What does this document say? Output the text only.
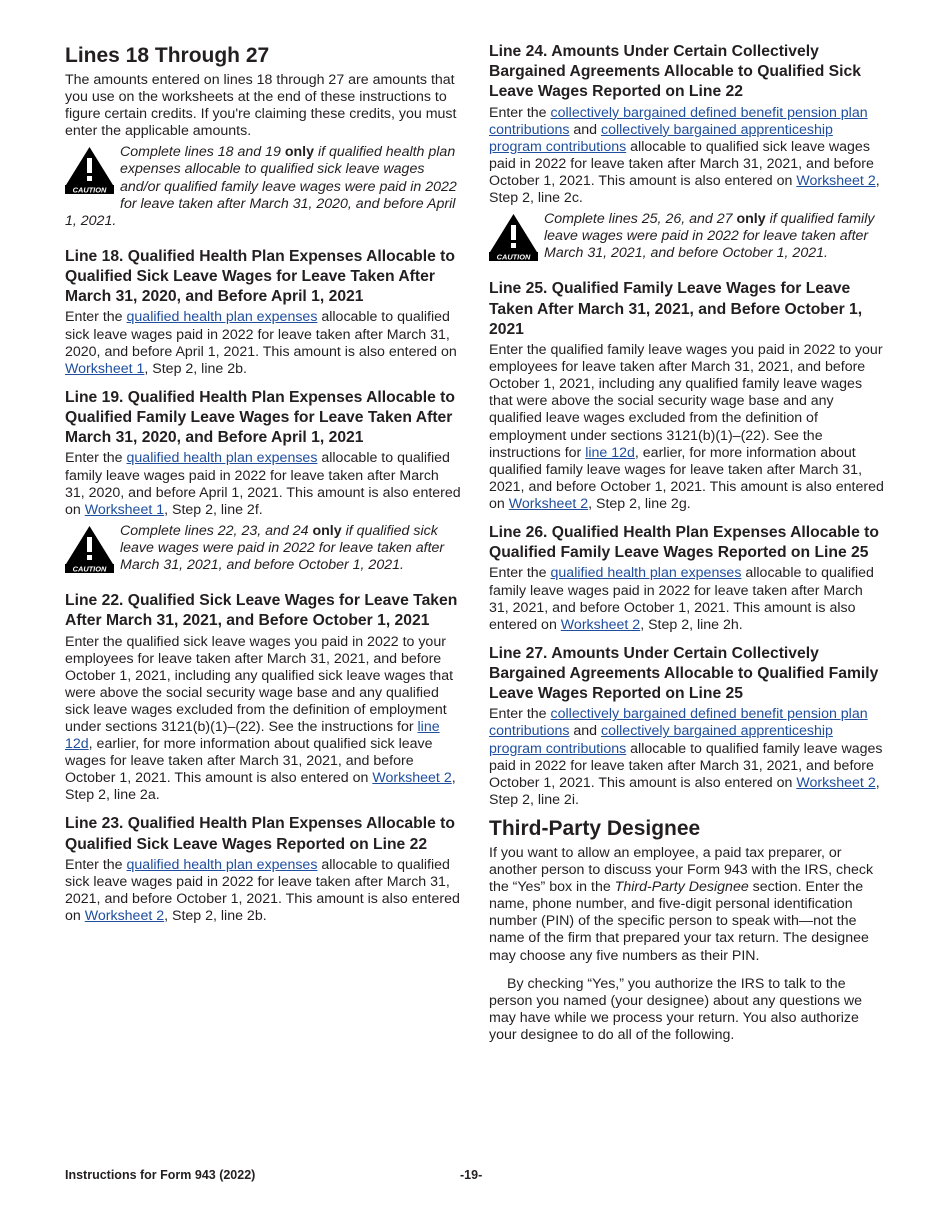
Lines 18 Through 27

The amounts entered on lines 18 through 27 are amounts that you use on the worksheets at the end of these instructions to figure certain credits. If you're claiming these credits, you must enter the applicable amounts.

CAUTION

Complete lines 18 and 19 only if qualified health plan expenses allocable to qualified sick leave wages and/or qualified family leave wages were paid in 2022 for leave taken after March 31, 2020, and before April 1, 2021.

Line 18. Qualified Health Plan Expenses Allocable to Qualified Sick Leave Wages for Leave Taken After March 31, 2020, and Before April 1, 2021

Enter the qualified health plan expenses allocable to qualified sick leave wages paid in 2022 for leave taken after March 31, 2020, and before April 1, 2021. This amount is also entered on Worksheet 1, Step 2, line 2b.

Line 19. Qualified Health Plan Expenses Allocable to Qualified Family Leave Wages for Leave Taken After March 31, 2020, and Before April 1, 2021

Enter the qualified health plan expenses allocable to qualified family leave wages paid in 2022 for leave taken after March 31, 2020, and before April 1, 2021. This amount is also entered on Worksheet 1, Step 2, line 2f.

CAUTION

Complete lines 22, 23, and 24 only if qualified sick leave wages were paid in 2022 for leave taken after March 31, 2021, and before October 1, 2021.

Line 22. Qualified Sick Leave Wages for Leave Taken After March 31, 2021, and Before October 1, 2021

Enter the qualified sick leave wages you paid in 2022 to your employees for leave taken after March 31, 2021, and before October 1, 2021, including any qualified sick leave wages that were above the social security wage base and any qualified sick leave wages excluded from the definition of employment under sections 3121(b)(1)–(22). See the instructions for line 12d, earlier, for more information about qualified sick leave wages for leave taken after March 31, 2021, and before October 1, 2021. This amount is also entered on Worksheet 2, Step 2, line 2a.

Line 23. Qualified Health Plan Expenses Allocable to Qualified Sick Leave Wages Reported on Line 22

Enter the qualified health plan expenses allocable to qualified sick leave wages paid in 2022 for leave taken after March 31, 2021, and before October 1, 2021. This amount is also entered on Worksheet 2, Step 2, line 2b.

Line 24. Amounts Under Certain Collectively Bargained Agreements Allocable to Qualified Sick Leave Wages Reported on Line 22

Enter the collectively bargained defined benefit pension plan contributions and collectively bargained apprenticeship program contributions allocable to qualified sick leave wages paid in 2022 for leave taken after March 31, 2021, and before October 1, 2021. This amount is also entered on Worksheet 2, Step 2, line 2c.

CAUTION

Complete lines 25, 26, and 27 only if qualified family leave wages were paid in 2022 for leave taken after March 31, 2021, and before October 1, 2021.

Line 25. Qualified Family Leave Wages for Leave Taken After March 31, 2021, and Before October 1, 2021

Enter the qualified family leave wages you paid in 2022 to your employees for leave taken after March 31, 2021, and before October 1, 2021, including any qualified family leave wages that were above the social security wage base and any qualified leave wages excluded from the definition of employment under sections 3121(b)(1)–(22). See the instructions for line 12d, earlier, for more information about qualified family leave wages for leave taken after March 31, 2021, and before October 1, 2021. This amount is also entered on Worksheet 2, Step 2, line 2g.

Line 26. Qualified Health Plan Expenses Allocable to Qualified Family Leave Wages Reported on Line 25

Enter the qualified health plan expenses allocable to qualified family leave wages paid in 2022 for leave taken after March 31, 2021, and before October 1, 2021. This amount is also entered on Worksheet 2, Step 2, line 2h.

Line 27. Amounts Under Certain Collectively Bargained Agreements Allocable to Qualified Family Leave Wages Reported on Line 25

Enter the collectively bargained defined benefit pension plan contributions and collectively bargained apprenticeship program contributions allocable to qualified family leave wages paid in 2022 for leave taken after March 31, 2021, and before October 1, 2021. This amount is also entered on Worksheet 2, Step 2, line 2i.

Third-Party Designee

If you want to allow an employee, a paid tax preparer, or another person to discuss your Form 943 with the IRS, check the “Yes” box in the Third-Party Designee section. Enter the name, phone number, and five-digit personal identification number (PIN) of the specific person to speak with—not the name of the firm that prepared your tax return. The designee may choose any five numbers as their PIN.

By checking “Yes,” you authorize the IRS to talk to the person you named (your designee) about any questions we may have while we process your return. You also authorize your designee to do all of the following.

Instructions for Form 943 (2022)	-19-
